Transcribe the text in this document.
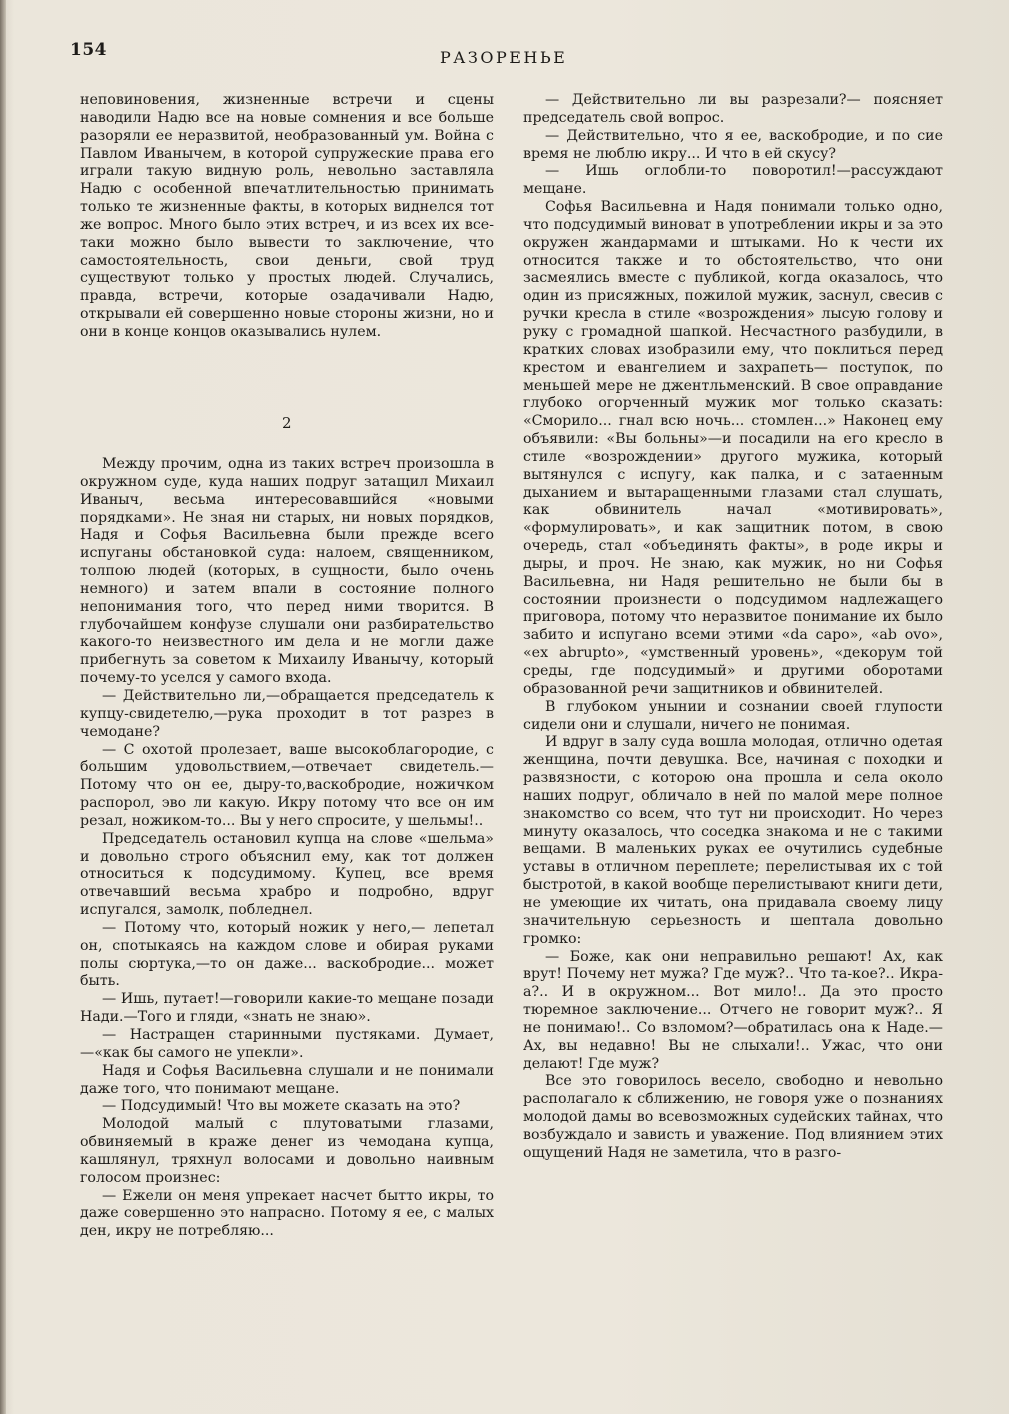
154	РАЗОРЕНЬЕ

неповиновения, жизненные встречи и сцены наводили Надю все на новые сомнения и все больше разоряли ее неразвитой, необразованный ум. Война с Павлом Иванычем, в которой супружеские права его играли такую видную роль, невольно заставляла Надю с особенной впечатлительностью принимать только те жизненные факты, в которых виднелся тот же вопрос. Много было этих встреч, и из всех их все-таки можно было вывести то заключение, что самостоятельность, свои деньги, свой труд существуют только у простых людей. Случались, правда, встречи, которые озадачивали Надю, открывали ей совершенно новые стороны жизни, но и они в конце концов оказывались нулем.

2

Между прочим, одна из таких встреч произошла в окружном суде, куда наших подруг затащил Михаил Иваныч, весьма интересовавшийся «новыми порядками». Не зная ни старых, ни новых порядков, Надя и Софья Васильевна были прежде всего испуганы обстановкой суда: налоем, священником, толпою людей (которых, в сущности, было очень немного) и затем впали в состояние полного непонимания того, что перед ними творится. В глубочайшем конфузе слушали они разбирательство какого-то неизвестного им дела и не могли даже прибегнуть за советом к Михаилу Иванычу, который почему-то уселся у самого входа.

— Действительно ли,—обращается председатель к купцу-свидетелю,—рука проходит в тот разрез в чемодане?

— С охотой пролезает, ваше высокоблагородие, с большим удовольствием,—отвечает свидетель.—Потому что он ее, дыру-то,васкобродие, ножичком распорол, эво ли какую. Икру потому что все он им резал, ножиком-то... Вы у него спросите, у шельмы!..

Председатель остановил купца на слове «шельма» и довольно строго объяснил ему, как тот должен относиться к подсудимому. Купец, все время отвечавший весьма храбро и подробно, вдруг испугался, замолк, побледнел.

— Потому что, который ножик у него,— лепетал он, спотыкаясь на каждом слове и обирая руками полы сюртука,—то он даже... васкобродие... может быть.

— Ишь, путает!—говорили какие-то мещане позади Нади.—Того и гляди, «знать не знаю».

— Настращен старинными пустяками. Думает,—«как бы самого не упекли».

Надя и Софья Васильевна слушали и не понимали даже того, что понимают мещане.

— Подсудимый! Что вы можете сказать на это?

Молодой малый с плутоватыми глазами, обвиняемый в краже денег из чемодана купца, кашлянул, тряхнул волосами и довольно наивным голосом произнес:

— Ежели он меня упрекает насчет бытто икры, то даже совершенно это напрасно. Потому я ее, с малых ден, икру не потребляю...

— Действительно ли вы разрезали?— поясняет председатель свой вопрос.

— Действительно, что я ее, васкобродие, и по сие время не люблю икру... И что в ей скусу?

— Ишь оглобли-то поворотил!—рассуждают мещане.

Софья Васильевна и Надя понимали только одно, что подсудимый виноват в употреблении икры и за это окружен жандармами и штыками. Но к чести их относится также и то обстоятельство, что они засмеялись вместе с публикой, когда оказалось, что один из присяжных, пожилой мужик, заснул, свесив с ручки кресла в стиле «возрождения» лысую голову и руку с громадной шапкой. Несчастного разбудили, в кратких словах изобразили ему, что поклиться перед крестом и евангелием и захрапеть— поступок, по меньшей мере не джентльменский. В свое оправдание глубоко огорченный мужик мог только сказать: «Сморило... гнал всю ночь... стомлен...» Наконец ему объявили: «Вы больны»—и посадили на его кресло в стиле «возрождении» другого мужика, который вытянулся с испугу, как палка, и с затаенным дыханием и вытаращенными глазами стал слушать, как обвинитель начал «мотивировать», «формулировать», и как защитник потом, в свою очередь, стал «объединять факты», в роде икры и дыры, и проч. Не знаю, как мужик, но ни Софья Васильевна, ни Надя решительно не были бы в состоянии произнести о подсудимом надлежащего приговора, потому что неразвитое понимание их было забито и испугано всеми этими «da capo», «ab ovo», «ex abrupto», «умственный уровень», «декорум той среды, где подсудимый» и другими оборотами образованной речи защитников и обвинителей.

В глубоком унынии и сознании своей глупости сидели они и слушали, ничего не понимая.

И вдруг в залу суда вошла молодая, отлично одетая женщина, почти девушка. Все, начиная с походки и развязности, с которою она прошла и села около наших подруг, обличало в ней по малой мере полное знакомство со всем, что тут ни происходит. Но через минуту оказалось, что соседка знакома и не с такими вещами. В маленьких руках ее очутились судебные уставы в отличном переплете; перелистывая их с той быстротой, в какой вообще перелистывают книги дети, не умеющие их читать, она придавала своему лицу значительную серьезность и шептала довольно громко:

— Боже, как они неправильно решают! Ах, как врут! Почему нет мужа? Где муж?.. Что та-кое?.. Икра-а?.. И в окружном... Вот мило!.. Да это просто тюремное заключение... Отчего не говорит муж?.. Я не понимаю!.. Со взломом?—обратилась она к Наде.—Ах, вы недавно! Вы не слыхали!.. Ужас, что они делают! Где муж?

Все это говорилось весело, свободно и невольно располагало к сближению, не говоря уже о познаниях молодой дамы во всевозможных судейских тайнах, что возбуждало и зависть и уважение. Под влиянием этих ощущений Надя не заметила, что в разго-
